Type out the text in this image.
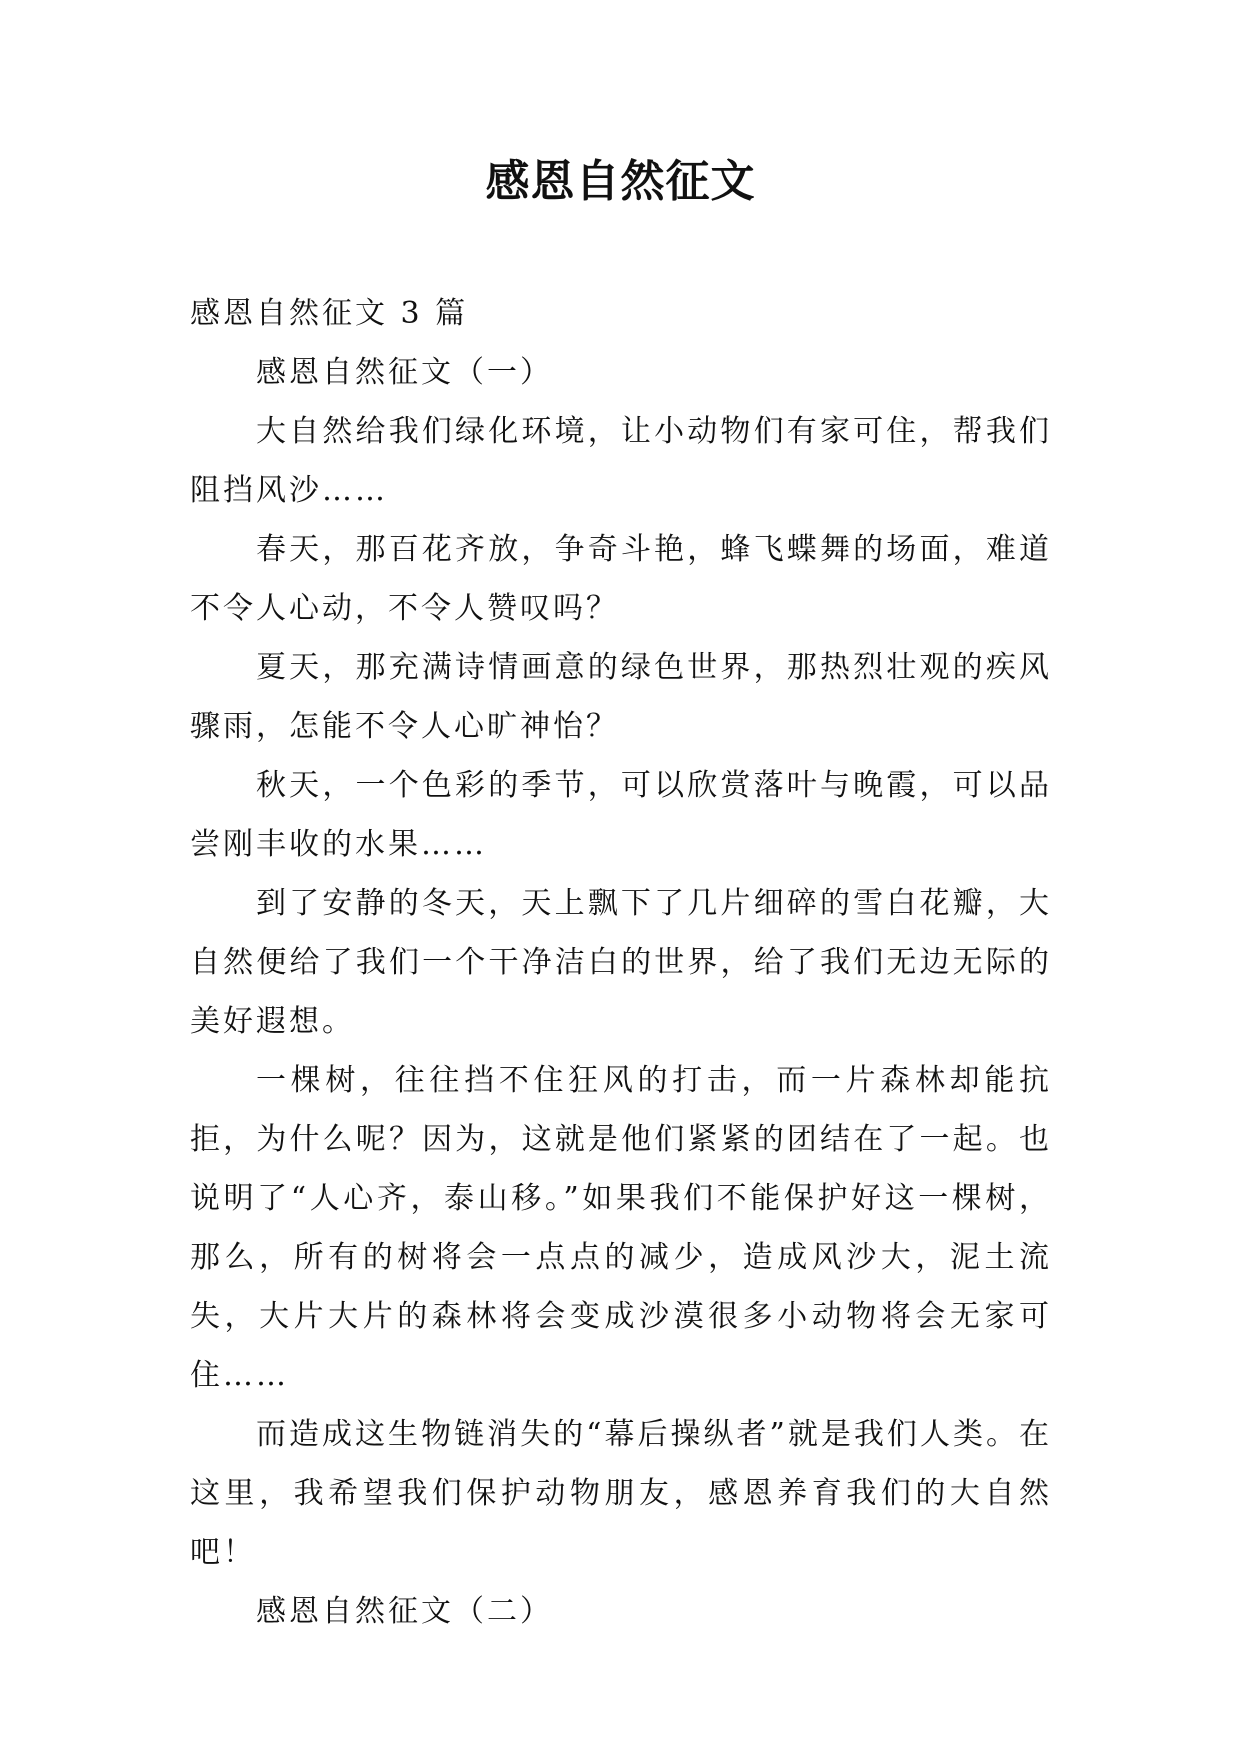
感恩自然征文

感恩自然征文 3 篇

感恩自然征文（一）

大自然给我们绿化环境，让小动物们有家可住，帮我们阻挡风沙……

春天，那百花齐放，争奇斗艳，蜂飞蝶舞的场面，难道不令人心动，不令人赞叹吗？

夏天，那充满诗情画意的绿色世界，那热烈壮观的疾风骤雨，怎能不令人心旷神怡？

秋天，一个色彩的季节，可以欣赏落叶与晚霞，可以品尝刚丰收的水果……

到了安静的冬天，天上飘下了几片细碎的雪白花瓣，大自然便给了我们一个干净洁白的世界，给了我们无边无际的美好遐想。

一棵树，往往挡不住狂风的打击，而一片森林却能抗拒，为什么呢？因为，这就是他们紧紧的团结在了一起。也说明了“人心齐，泰山移。”如果我们不能保护好这一棵树，那么，所有的树将会一点点的减少，造成风沙大，泥土流失，大片大片的森林将会变成沙漠很多小动物将会无家可住……

而造成这生物链消失的“幕后操纵者”就是我们人类。在这里，我希望我们保护动物朋友，感恩养育我们的大自然吧！

感恩自然征文（二）
